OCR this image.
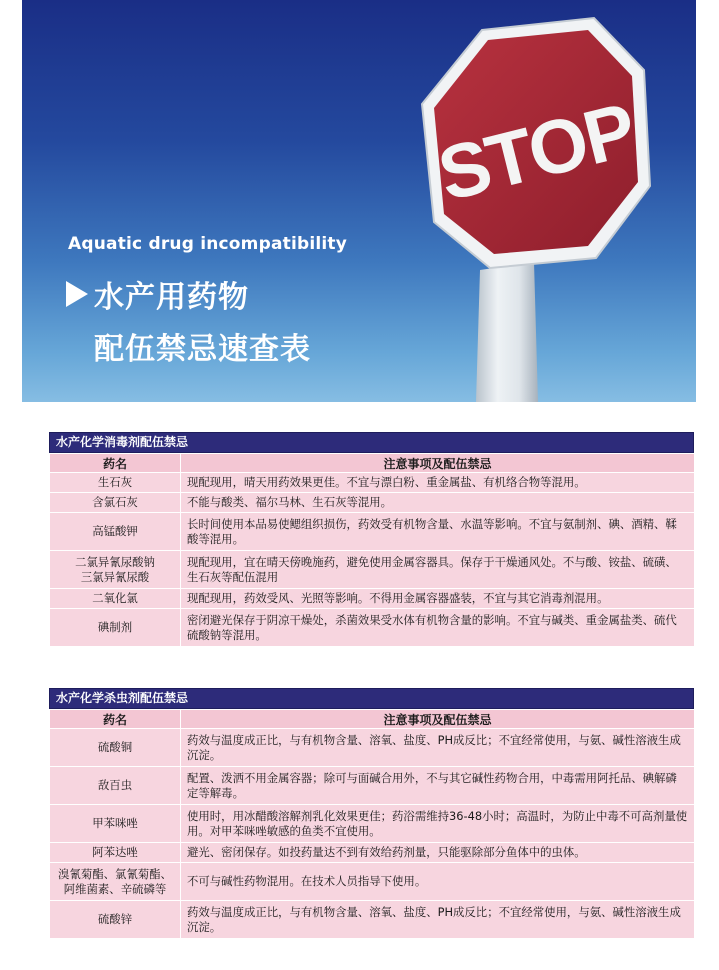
STOP
Aquatic drug incompatibility
水产用药物
配伍禁忌速查表
水产化学消毒剂配伍禁忌
药名	注意事项及配伍禁忌
生石灰	现配现用，晴天用药效果更佳。不宜与漂白粉、重金属盐、有机络合物等混用。
含氯石灰	不能与酸类、福尔马林、生石灰等混用。
高锰酸钾	长时间使用本品易使鳃组织损伤，药效受有机物含量、水温等影响。不宜与氨制剂、碘、酒精、鞣酸等混用。
二氯异氰尿酸钠
三氯异氰尿酸	现配现用，宜在晴天傍晚施药，避免使用金属容器具。保存于干燥通风处。不与酸、铵盐、硫磺、生石灰等配伍混用
二氧化氯	现配现用，药效受风、光照等影响。不得用金属容器盛装，不宜与其它消毒剂混用。
碘制剂	密闭避光保存于阴凉干燥处，杀菌效果受水体有机物含量的影响。不宜与碱类、重金属盐类、硫代硫酸钠等混用。
水产化学杀虫剂配伍禁忌
药名	注意事项及配伍禁忌
硫酸铜	药效与温度成正比，与有机物含量、溶氧、盐度、PH成反比；不宜经常使用，与氨、碱性溶液生成沉淀。
敌百虫	配置、泼洒不用金属容器；除可与面碱合用外，不与其它碱性药物合用，中毒需用阿托品、碘解磷定等解毒。
甲苯咪唑	使用时，用冰醋酸溶解剂乳化效果更佳；药浴需维持36-48小时；高温时，为防止中毒不可高剂量使用。对甲苯咪唑敏感的鱼类不宜使用。
阿苯达唑	避光、密闭保存。如投药量达不到有效给药剂量，只能驱除部分鱼体中的虫体。
溴氰菊酯、氯氰菊酯、
阿维菌素、辛硫磷等	不可与碱性药物混用。在技术人员指导下使用。
硫酸锌	药效与温度成正比，与有机物含量、溶氧、盐度、PH成反比；不宜经常使用，与氨、碱性溶液生成沉淀。
